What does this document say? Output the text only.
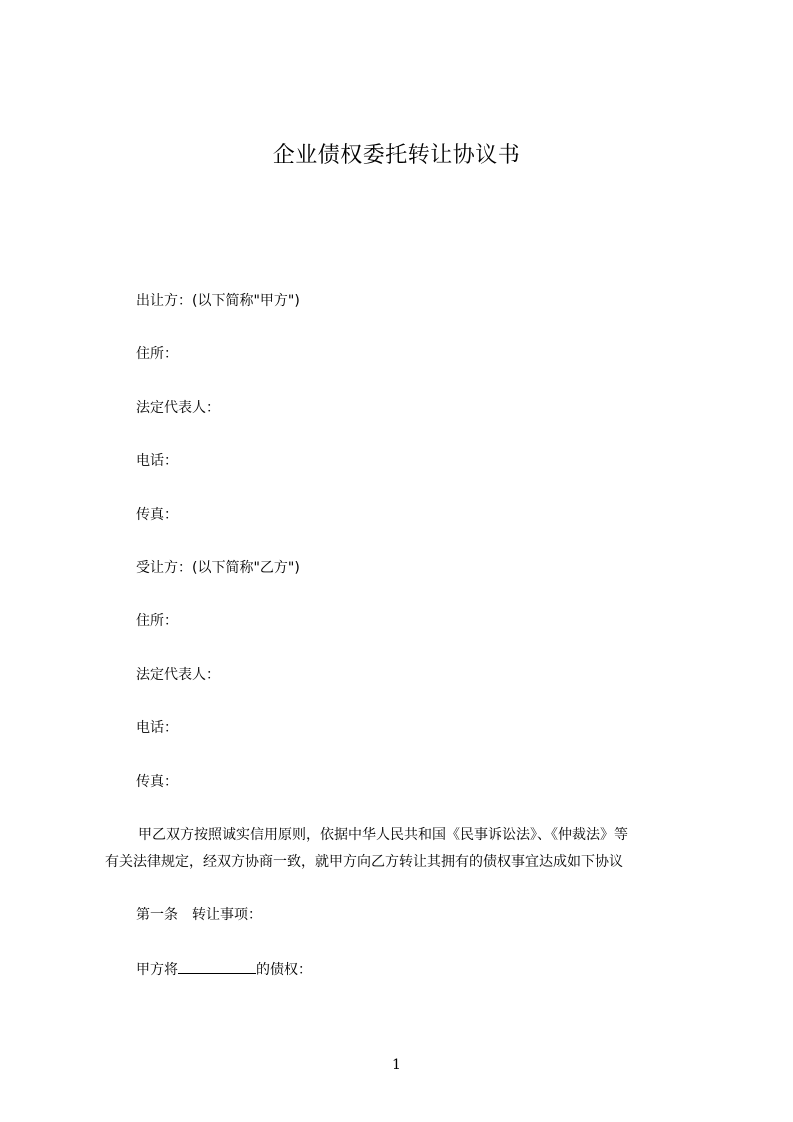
企业债权委托转让协议书
出让方：(以下简称"甲方")
住所：
法定代表人：
电话：
传真：
受让方：(以下简称"乙方")
住所：
法定代表人：
电话：
传真：
甲乙双方按照诚实信用原则，依据中华人民共和国《民事诉讼法》、《仲裁法》等
有关法律规定，经双方协商一致，就甲方向乙方转让其拥有的债权事宜达成如下协议
第一条　转让事项：
甲方将	的债权：
1
